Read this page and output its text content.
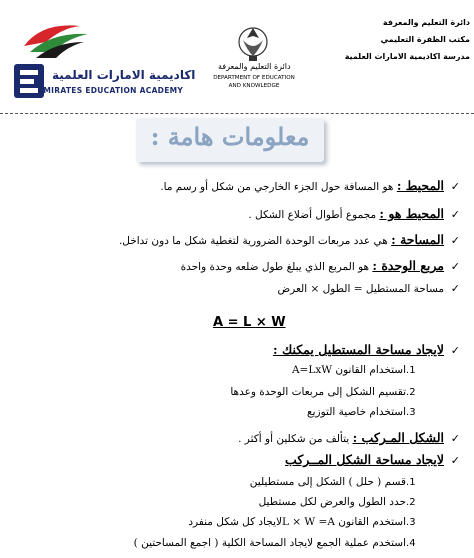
اكاديمية الامارات العلمية
EMIRATES EDUCATION ACADEMY
دائرة التعليم والمعرفة
DEPARTMENT OF EDUCATION
AND KNOWLEDGE
دائرة التعليم والمعرفة
مكتب الظفرة التعليمي
مدرسة اكاديمية الامارات العلمية
معلومات هامة :
✓المحيط : هو المسافة حول الجزء الخارجي من شكل أو رسم ما.
✓المحيط هو : مجموع أطوال أضلاع الشكل .
✓المساحة : هي عدد مربعات الوحدة الضرورية لتغطية شكل ما دون تداخل.
✓مربع الوحدة : هو المربع الذي يبلغ طول ضلعه وحدة واحدة
✓مساحة المستطيل = الطول × العرض
✓لايجاد مساحة المستطيل يمكنك :
1.استخدام القانون A=LxW
2.تقسيم الشكل إلى مربعات الوحدة وعدها
3.استخدام خاصية التوزيع
✓الشكل المـركب : يتألف من شكلين أو أكثر .
✓لايجاد مساحة الشكل المــركب
1.قسم ( حلل ) الشكل إلى مستطيلين
2.حدد الطول والعرض لكل مستطيل
3.استخدم القانون L × W =Aلايجاد كل شكل منفرد
4.استخدم عملية الجمع لايجاد المساحة الكلية ( اجمع المساحتين )
A = L × W
